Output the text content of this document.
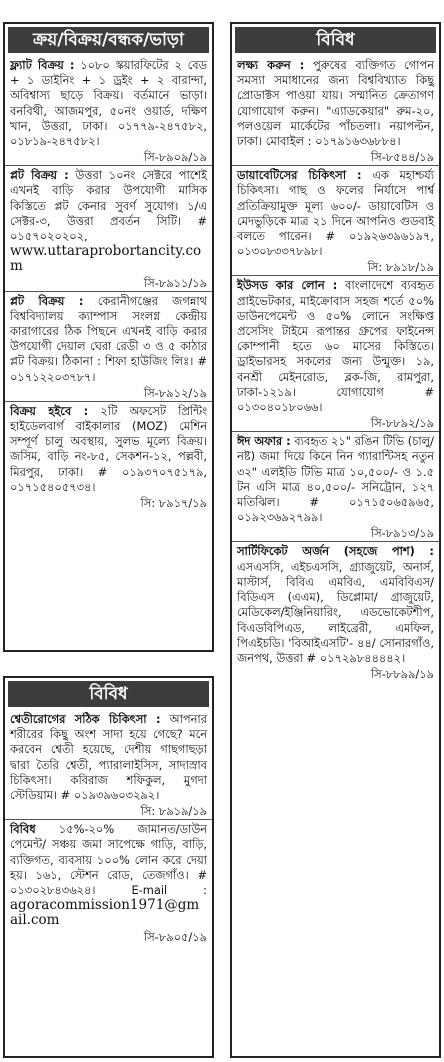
ক্রয়/বিক্রয়/বন্ধক/ভাড়া
ফ্ল্যাট বিক্রয় : ১০৮০ স্কয়ারফিটের ২ বেড + ১ ডাইনিং + ১ ড্রইং + ২ বারান্দা, অবিশ্বাস্য ছাড়ে বিক্রয়। বর্তমানে ভাড়া। বনবিথী, আজমপুর, ৫০নং ওয়ার্ড, দক্ষিণ খান, উত্তরা, ঢাকা। ০১৭৭৯-২৪৭৫৮২, ০১৮১৯-২৪৭৫৮২।
সি-৮৯০৯/১৯
প্লট বিক্রয় : উত্তরা ১০নং সেক্টরে পাশেই এখনই বাড়ি করার উপযোগী মাসিক কিস্তিতে প্লট কেনার সুবর্ণ সুযোগ। ১/এ সেক্টর-৩, উত্তরা প্রবর্তন সিটি। # ০১৫৭০২০২০২, www.uttaraprobortancity.com
সি-৮৯১১/১৯
প্লট বিক্রয় : কেরানীগঞ্জের জগন্নাথ বিশ্ববিদ্যালয় ক্যাম্পাস সংলগ্ন কেন্দ্রীয় কারাগারের ঠিক পিছনে এখনই বাড়ি করার উপযোগী দেয়াল ঘেরা রেডী ৩ ও ৫ কাঠার প্লট বিক্রয়। ঠিকানা : শিফা হাউজিং লিঃ। # ০১৭১২২০৩৭৮৭।
সি-৮৯১২/১৯
বিক্রয় হইবে : ২টি অফসেট প্রিন্টিং হাইডেলবার্গ বাইকালার (MOZ) মেশিন সম্পূর্ণ চালু অবস্থায়, সুলভ মূল্যে বিক্রয়। জসিম, বাড়ি নং-৮৫, সেকশন-১২, পল্লবী, মিরপুর, ঢাকা। # ০১৯৩৭০৭৫১৭৯, ০১৭১৫৪০৫৭৩৪।
সি: ৮৯১৭/১৯
বিবিধ
শ্বেতীরোগের সঠিক চিকিৎসা : আপনার শরীরের কিছু অংশ সাদা হয়ে গেছে? মনে করবেন শ্বেতী হয়েছে, দেশীয় গাছগাছড়া দ্বারা তৈরি শ্বেতী, প্যারালাইসিস, সাদাস্রাব চিকিৎসা। কবিরাজ শফিকুল, মুগদা স্টেডিয়াম। # ০১৯৩৯৬০৩২৯২।
সি: ৮৯১৯/১৯
বিবিধ ১৫%-২০% জামানত/ডাউন পেমেন্ট/ সঞ্চয় জমা সাপেক্ষে গাড়ি, বাড়ি, ব্যক্তিগত, ব্যবসায় ১০০% লোন করে দেয়া হয়। ১৬১, স্টেশন রোড, তেজগাঁও। # ০১৩০২৮৪৩৬২৪। E-mail : agoracommission1971@gmail.com
সি-৮৯০৫/১৯
বিবিধ
লক্ষ্য করুন : পুরুষের ব্যক্তিগত গোপন সমস্যা সমাধানের জন্য বিশ্ববিখ্যাত কিছু প্রোডাক্টস পাওয়া যায়। সম্মানিত ক্রেতাগণ যোগাযোগ করুন। "এ্যাডকেয়ার" রুম-২০, পলওয়েল মার্কেটের পাঁচতলা। নয়াপল্টন, ঢাকা। মোবাইল : ০১৭৯১৬৩৬৮৮৪।
সি-৮৫৪৪/১৯
ডায়াবেটিসের চিকিৎসা : এক মহাশ্চর্য্য চিকিৎসা। গাছ ও ফলের নির্যাসে পার্শ্ব প্রতিক্রিয়ামুক্ত মূল্য ৬০০/- ডায়াবেটিস ও মেদভুড়িকে মাত্র ২১ দিনে আপনিও গুডবাই বলতে পারেন। # ০১৯২৬৩৯৬১৯৭, ০১৩০৮৩৩৭৮৯৮।
সি: ৮৯১৮/১৯
ইউসড কার লোন : বাংলাদেশে ব্যবহৃত প্রাইভেটকার, মাইক্রোবাস সহজ শর্তে ৫০% ডাউনপেমেন্ট ও ৫০% লোনে সংক্ষিপ্ত প্রসেসিং টাইমে রূপান্তর গ্রুপের ফাইনেন্স কোম্পানী হতে ৬০ মাসের কিস্তিতে। ড্রাইভারসহ সকলের জন্য উন্মুক্ত। ১৯, বনশ্রী মেইনরোড, ব্লক-জি, রামপুরা, ঢাকা-১২১৯। যোগাযোগ # ০১৩০৪০১৮০৬৬।
সি-৮৮৯২/১৯
ঈদ অফার : ব্যবহৃত ২১" রঙিন টিভি (চালু/নষ্ট) জমা দিয়ে কিনে নিন গ্যারান্টিসহ নতুন ৩২" এলইডি টিভি মাত্র ১০,৫০০/- ও ১.৫ টন এসি মাত্র ৪০,৫০০/- সনিট্রোন, ১২৭ মতিঝিল। # ০১৭১৫০৬৫৯৬৫, ০১৯২৩৬৯২৭৯৯।
সি-৮৯১৩/১৯
সার্টিফিকেট অর্জন (সহজে পাশ) : এসএসসি, এইচএসসি, গ্র্যাজুয়েট, অনার্স, মাস্টার্স, বিবিএ এমবিএ, এমবিবিএস/বিডিএস (এএম), ডিপ্লোমা/ গ্রাজুয়েট, মেডিকেল/ইঞ্জিনিয়ারিং, এডভোকেটশীপ, বিএডবিপিএড, লাইব্রেরী, এমফিল, পিএইচডি। 'বিআইএসটি'- ৪৪/ সোনারগাঁও, জনপথ, উত্তরা # ০১৭২৯৮৪৪৪৪২।
সি-৮৮৯৯/১৯
